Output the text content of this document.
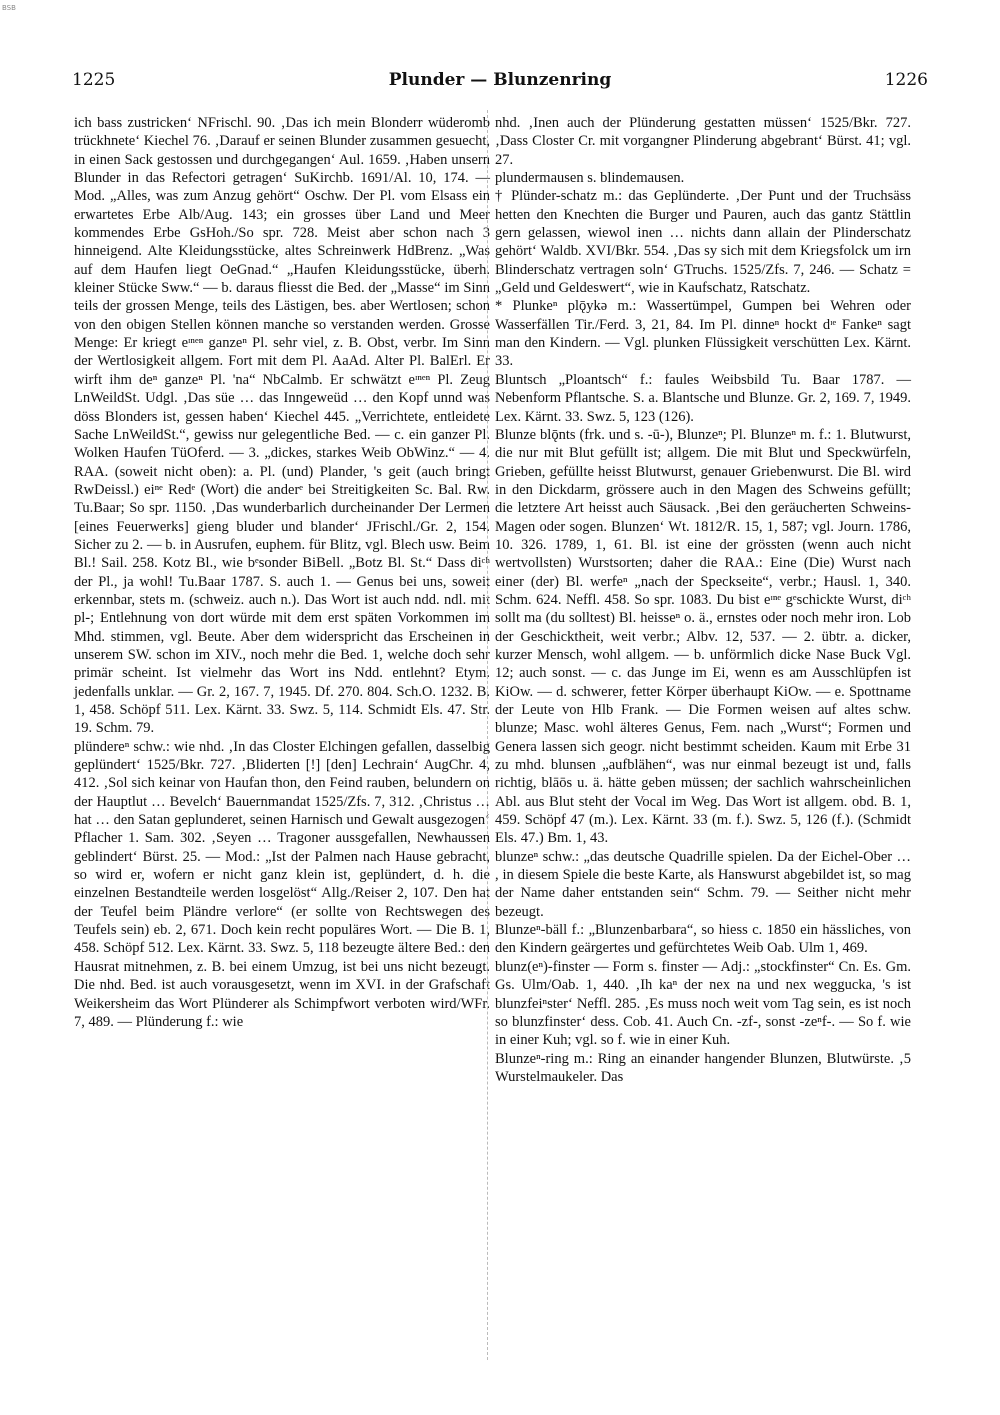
BSB
1225	Plunder — Blunzenring	1226

ich bass zustricken‘ NFrischl. 90. ‚Das ich mein Blonderr wüderomb trückhnete‘ Kiechel 76. ‚Darauf er seinen Blunder zusammen gesuecht, in einen Sack gestossen und durchgegangen‘ Aul. 1659. ‚Haben unsern Blunder in das Refectori getragen‘ SuKirchb. 1691/Al. 10, 174. — Mod. „Alles, was zum Anzug gehört“ Oschw. Der Pl. vom Elsass ein erwartetes Erbe Alb/Aug. 143; ein grosses über Land und Meer kommendes Erbe GsHoh./So spr. 728. Meist aber schon nach 3 hinneigend. Alte Kleidungsstücke, altes Schreinwerk HdBrenz. „Was auf dem Haufen liegt OeGnad.“ „Haufen Kleidungsstücke, überh. kleiner Stücke Sww.“ — b. daraus fliesst die Bed. der „Masse“ im Sinn teils der grossen Menge, teils des Lästigen, bes. aber Wertlosen; schon von den obigen Stellen können manche so verstanden werden. Grosse Menge: Er kriegt eᶦⁿᵉⁿ ganzeⁿ Pl. sehr viel, z. B. Obst, verbr. Im Sinn der Wertlosigkeit allgem. Fort mit dem Pl. AaAd. Alter Pl. BalErl. Er wirft ihm deⁿ ganzeⁿ Pl. 'na“ NbCalmb. Er schwätzt eᶦⁿᵉⁿ Pl. Zeug LnWeildSt. Udgl. ‚Das süe … das Inngeweüd … den Kopf unnd was döss Blonders ist, gessen haben‘ Kiechel 445. „Verrichtete, entleidete Sache LnWeildSt.“, gewiss nur gelegentliche Bed. — c. ein ganzer Pl. Wolken Haufen TüOferd. — 3. „dickes, starkes Weib ObWinz.“ — 4. RAA. (soweit nicht oben): a. Pl. (und) Plander, 's geit (auch bringt RwDeissl.) eiⁿᵉ Redᵉ (Wort) die anderᵉ bei Streitigkeiten Sc. Bal. Rw. Tu.Baar; So spr. 1150. ‚Das wunderbarlich durcheinander Der Lermen [eines Feuerwerks] gieng bluder und blander‘ JFrischl./Gr. 2, 154. Sicher zu 2. — b. in Ausrufen, euphem. für Blitz, vgl. Blech usw. Beim Bl.! Sail. 258. Kotz Bl., wie bᵉsonder BiBell. „Botz Bl. St.“ Dass diᶜʰ der Pl., ja wohl! Tu.Baar 1787. S. auch 1. — Genus bei uns, soweit erkennbar, stets m. (schweiz. auch n.). Das Wort ist auch ndd. ndl. mit pl-; Entlehnung von dort würde mit dem erst späten Vorkommen im Mhd. stimmen, vgl. Beute. Aber dem widerspricht das Erscheinen in unserem SW. schon im XIV., noch mehr die Bed. 1, welche doch sehr primär scheint. Ist vielmehr das Wort ins Ndd. entlehnt? Etym. jedenfalls unklar. — Gr. 2, 167. 7, 1945. Df. 270. 804. Sch.O. 1232. B. 1, 458. Schöpf 511. Lex. Kärnt. 33. Swz. 5, 114. Schmidt Els. 47. Str. 19. Schm. 79.

plündereⁿ schw.: wie nhd. ‚In das Closter Elchingen gefallen, dasselbig geplündert‘ 1525/Bkr. 727. ‚Bliderten [!] [den] Lechrain‘ AugChr. 4, 412. ‚Sol sich keinar von Haufan thon, den Feind rauben, belundern on der Hauptlut … Bevelch‘ Bauernmandat 1525/Zfs. 7, 312. ‚Christus … hat … den Satan geplunderet, seinen Harnisch und Gewalt ausgezogen‘ Pflacher 1. Sam. 302. ‚Seyen … Tragoner aussgefallen, Newhaussen geblindert‘ Bürst. 25. — Mod.: „Ist der Palmen nach Hause gebracht, so wird er, wofern er nicht ganz klein ist, geplündert, d. h. die einzelnen Bestandteile werden losgelöst“ Allg./Reiser 2, 107. Den hat der Teufel beim Pländre verlore“ (er sollte von Rechtswegen des Teufels sein) eb. 2, 671. Doch kein recht populäres Wort. — Die B. 1, 458. Schöpf 512. Lex. Kärnt. 33. Swz. 5, 118 bezeugte ältere Bed.: den Hausrat mitnehmen, z. B. bei einem Umzug, ist bei uns nicht bezeugt. Die nhd. Bed. ist auch vorausgesetzt, wenn im XVI. in der Grafschaft Weikersheim das Wort Plünderer als Schimpfwort verboten wird/WFr. 7, 489. — Plünderung f.: wie

nhd. ‚Inen auch der Plünderung gestatten müssen‘ 1525/Bkr. 727. ‚Dass Closter Cr. mit vorgangner Plinderung abgebrant‘ Bürst. 41; vgl. 27.

plundermausen s. blindemausen.

† Plünder-schatz m.: das Geplünderte. ‚Der Punt und der Truchsäss hetten den Knechten die Burger und Pauren, auch das gantz Stättlin gern gelassen, wiewol inen … nichts dann allain der Plinderschatz gehört‘ Waldb. XVI/Bkr. 554. ‚Das sy sich mit dem Kriegsfolck um irn Blinderschatz vertragen soln‘ GTruchs. 1525/Zfs. 7, 246. — Schatz = „Geld und Geldeswert“, wie in Kaufschatz, Ratschatz.

* Plunkeⁿ plǭykə m.: Wassertümpel, Gumpen bei Wehren oder Wasserfällen Tir./Ferd. 3, 21, 84. Im Pl. dinneⁿ hockt dᶦᵉ Fankeⁿ sagt man den Kindern. — Vgl. plunken Flüssigkeit verschütten Lex. Kärnt. 33.

Bluntsch „Ploantsch“ f.: faules Weibsbild Tu. Baar 1787. — Nebenform Pflantsche. S. a. Blantsche und Blunze. Gr. 2, 169. 7, 1949. Lex. Kärnt. 33. Swz. 5, 123 (126).

Blunze blǭnts (frk. und s. -ū-), Blunzeⁿ; Pl. Blunzeⁿ m. f.: 1. Blutwurst, die nur mit Blut gefüllt ist; allgem. Die mit Blut und Speckwürfeln, Grieben, gefüllte heisst Blutwurst, genauer Griebenwurst. Die Bl. wird in den Dickdarm, grössere auch in den Magen des Schweins gefüllt; die letztere Art heisst auch Säusack. ‚Bei den geräucherten Schweins-Magen oder sogen. Blunzen‘ Wt. 1812/R. 15, 1, 587; vgl. Journ. 1786, 10. 326. 1789, 1, 61. Bl. ist eine der grössten (wenn auch nicht wertvollsten) Wurstsorten; daher die RAA.: Eine (Die) Wurst nach einer (der) Bl. werfeⁿ „nach der Speckseite“, verbr.; Hausl. 1, 340. Schm. 624. Neffl. 458. So spr. 1083. Du bist eᶦⁿᵉ gᵉschickte Wurst, diᶜʰ sollt ma (du solltest) Bl. heisseⁿ o. ä., ernstes oder noch mehr iron. Lob der Geschicktheit, weit verbr.; Albv. 12, 537. — 2. übtr. a. dicker, kurzer Mensch, wohl allgem. — b. unförmlich dicke Nase Buck Vgl. 12; auch sonst. — c. das Junge im Ei, wenn es am Ausschlüpfen ist KiOw. — d. schwerer, fetter Körper überhaupt KiOw. — e. Spottname der Leute von Hlb Frank. — Die Formen weisen auf altes schw. blunze; Masc. wohl älteres Genus, Fem. nach „Wurst“; Formen und Genera lassen sich geogr. nicht bestimmt scheiden. Kaum mit Erbe 31 zu mhd. blunsen „aufblähen“, was nur einmal bezeugt ist und, falls richtig, blāōs u. ä. hätte geben müssen; der sachlich wahrscheinlichen Abl. aus Blut steht der Vocal im Weg. Das Wort ist allgem. obd. B. 1, 459. Schöpf 47 (m.). Lex. Kärnt. 33 (m. f.). Swz. 5, 126 (f.). (Schmidt Els. 47.) Bm. 1, 43.

blunzeⁿ schw.: „das deutsche Quadrille spielen. Da der Eichel-Ober … , in diesem Spiele die beste Karte, als Hanswurst abgebildet ist, so mag der Name daher entstanden sein“ Schm. 79. — Seither nicht mehr bezeugt.

Blunzeⁿ-bäll f.: „Blunzenbarbara“, so hiess c. 1850 ein hässliches, von den Kindern geärgertes und gefürchtetes Weib Oab. Ulm 1, 469.

blunz(eⁿ)-finster — Form s. finster — Adj.: „stockfinster“ Cn. Es. Gm. Gs. Ulm/Oab. 1, 440. ‚Ih kaⁿ der nex na und nex weggucka, 's ist blunzfeiⁿster‘ Neffl. 285. ‚Es muss noch weit vom Tag sein, es ist noch so blunzfinster‘ dess. Cob. 41. Auch Cn. -zf-, sonst -zeⁿf-. — So f. wie in einer Kuh; vgl. so f. wie in einer Kuh.

Blunzeⁿ-ring m.: Ring an einander hangender Blunzen, Blutwürste. ‚5 Wurstelmaukeler. Das
